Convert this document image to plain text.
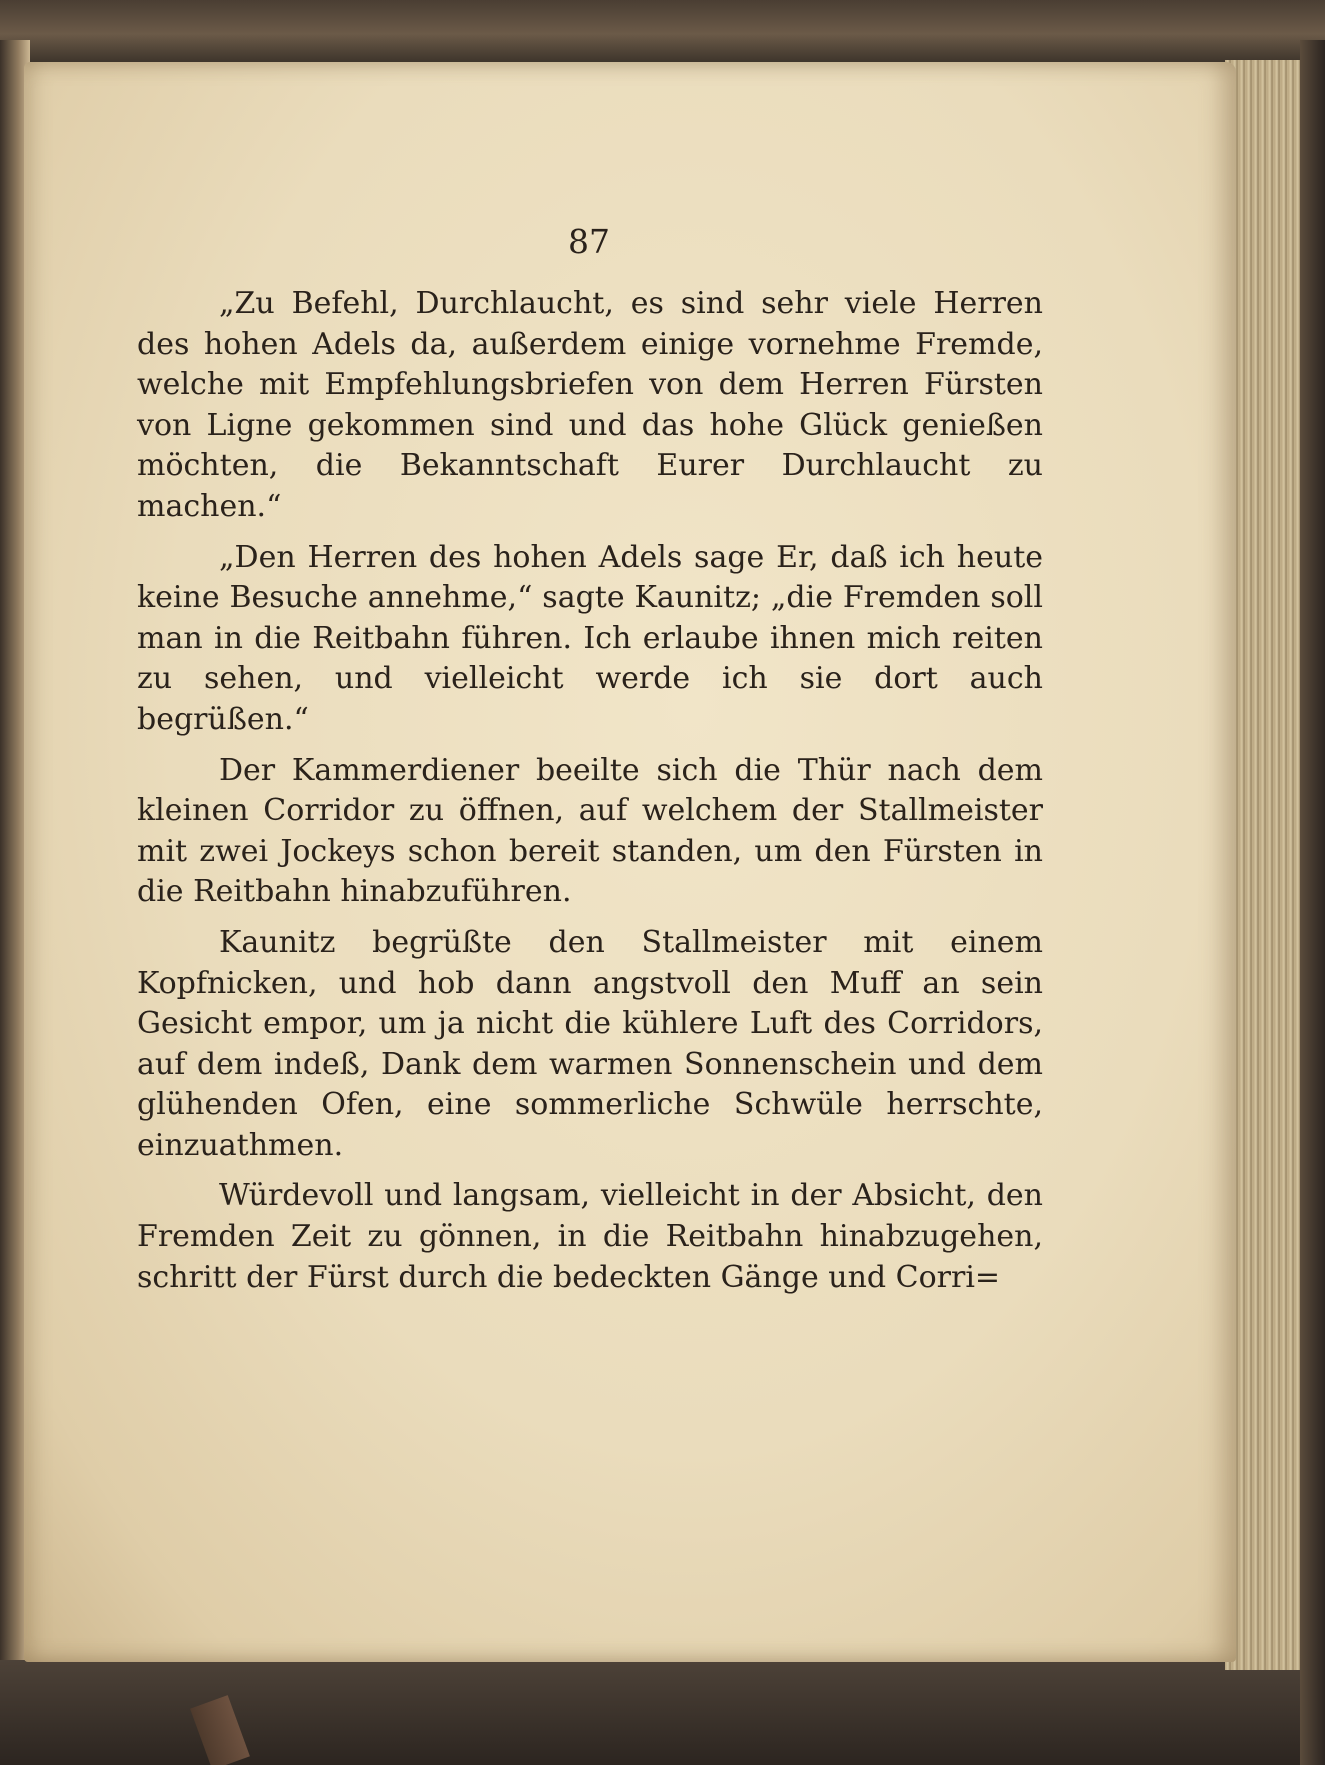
87

„Zu Befehl, Durchlaucht, es sind sehr viele Herren des hohen Adels da, außerdem einige vornehme Fremde, welche mit Empfehlungsbriefen von dem Herren Fürsten von Ligne gekommen sind und das hohe Glück genießen möchten, die Bekanntschaft Eurer Durchlaucht zu machen.“

„Den Herren des hohen Adels sage Er, daß ich heute keine Besuche annehme,“ sagte Kaunitz; „die Fremden soll man in die Reitbahn führen. Ich erlaube ihnen mich reiten zu sehen, und vielleicht werde ich sie dort auch begrüßen.“

Der Kammerdiener beeilte sich die Thür nach dem kleinen Corridor zu öffnen, auf welchem der Stallmeister mit zwei Jockeys schon bereit standen, um den Fürsten in die Reitbahn hinabzuführen.

Kaunitz begrüßte den Stallmeister mit einem Kopfnicken, und hob dann angstvoll den Muff an sein Gesicht empor, um ja nicht die kühlere Luft des Corridors, auf dem indeß, Dank dem warmen Sonnenschein und dem glühenden Ofen, eine sommerliche Schwüle herrschte, einzuathmen.

Würdevoll und langsam, vielleicht in der Absicht, den Fremden Zeit zu gönnen, in die Reitbahn hinabzugehen, schritt der Fürst durch die bedeckten Gänge und Corri=
